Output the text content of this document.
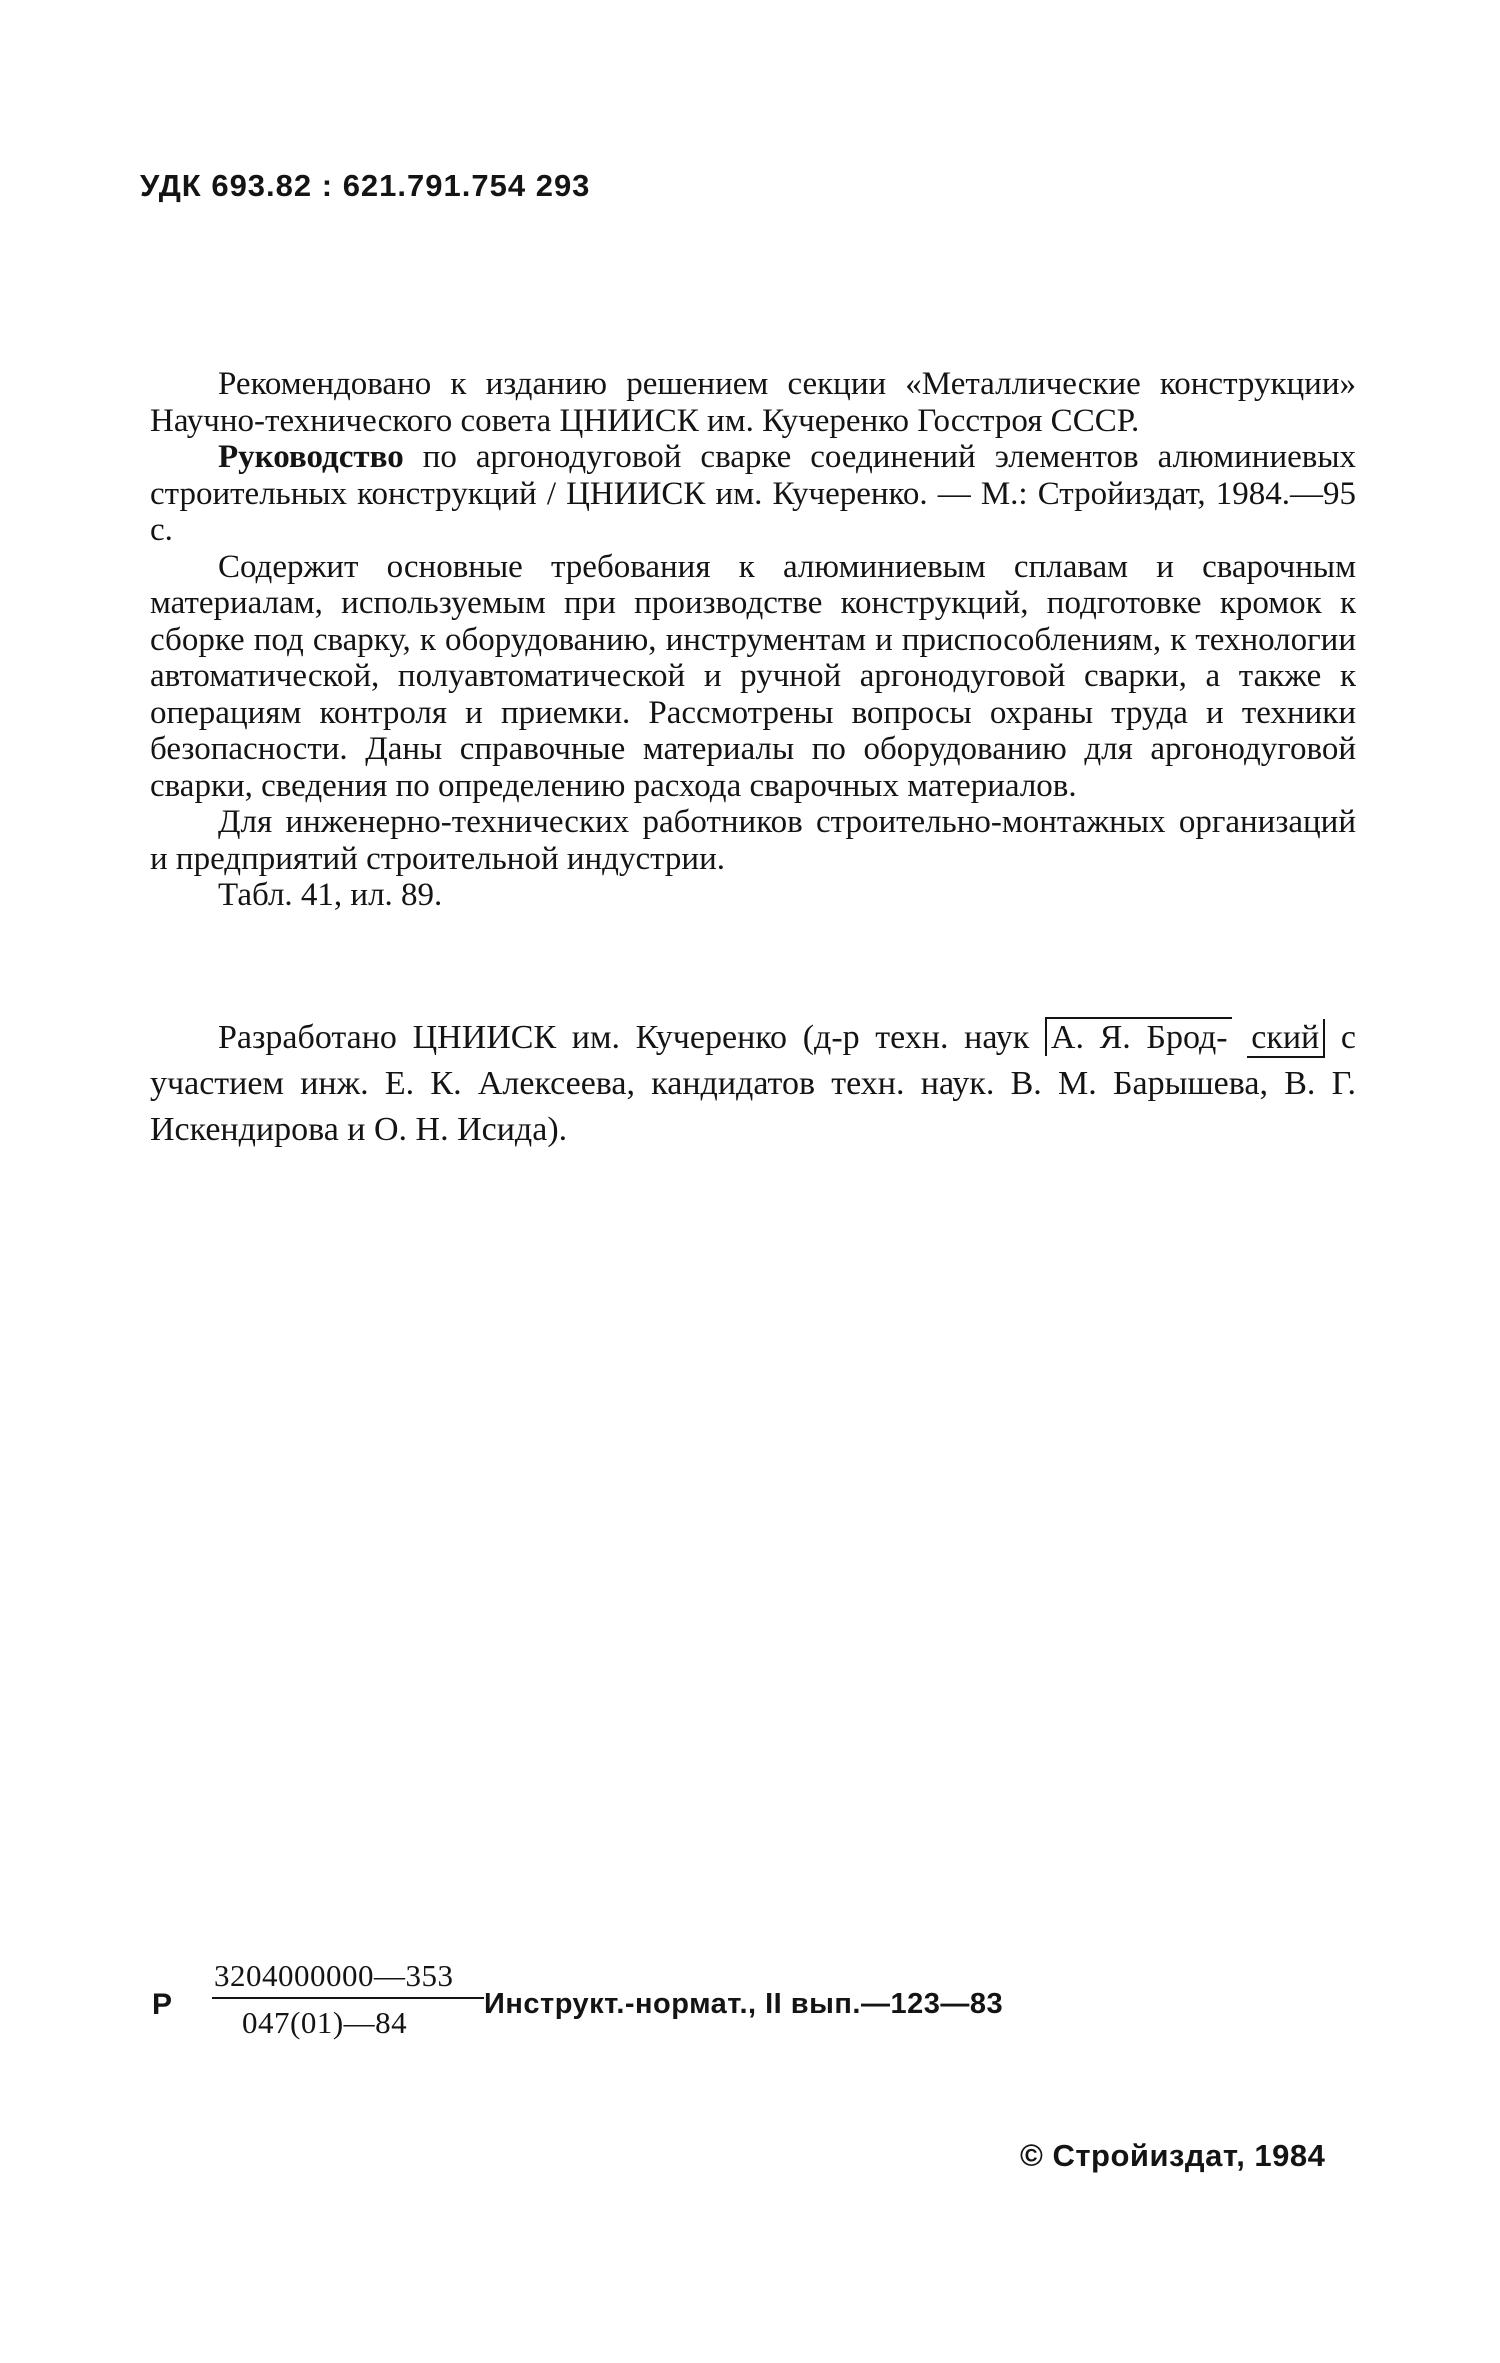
УДК 693.82 : 621.791.754 293

Рекомендовано к изданию решением секции «Металлические конструкции» Научно-технического совета ЦНИИСК им. Кучеренко Госстроя СССР.

Руководство по аргонодуговой сварке соединений элементов алюминиевых строительных конструкций / ЦНИИСК им. Кучеренко. — М.: Стройиздат, 1984.—95 с.

Содержит основные требования к алюминиевым сплавам и сварочным материалам, используемым при производстве конструкций, подготовке кромок к сборке под сварку, к оборудованию, инструментам и приспособлениям, к технологии автоматической, полуавтоматической и ручной аргонодуговой сварки, а также к операциям контроля и приемки. Рассмотрены вопросы охраны труда и техники безопасности. Даны справочные материалы по оборудованию для аргонодуговой сварки, сведения по определению расхода сварочных материалов.

Для инженерно-технических работников строительно-монтажных организаций и предприятий строительной индустрии.

Табл. 41, ил. 89.

Разработано ЦНИИСК им. Кучеренко (д-р техн. наук А. Я. Брод- ский с участием инж. Е. К. Алексеева, кандидатов техн. наук. В. М. Барышева, В. Г. Искендирова и О. Н. Исида).

Р
3204000000—353
047(01)—84
Инструкт.-нормат., II вып.—123—83
© Стройиздат, 1984
